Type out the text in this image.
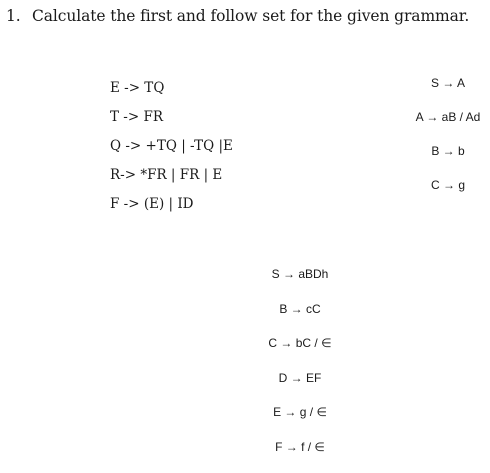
1. Calculate the first and follow set for the given grammar.
E -> TQ
T -> FR
Q -> +TQ | -TQ |E
R-> *FR | FR | E
F -> (E) | ID
S → A
A → aB / Ad
B → b
C → g
S → aBDh
B → cC
C → bC / ∈
D → EF
E → g / ∈
F → f / ∈
